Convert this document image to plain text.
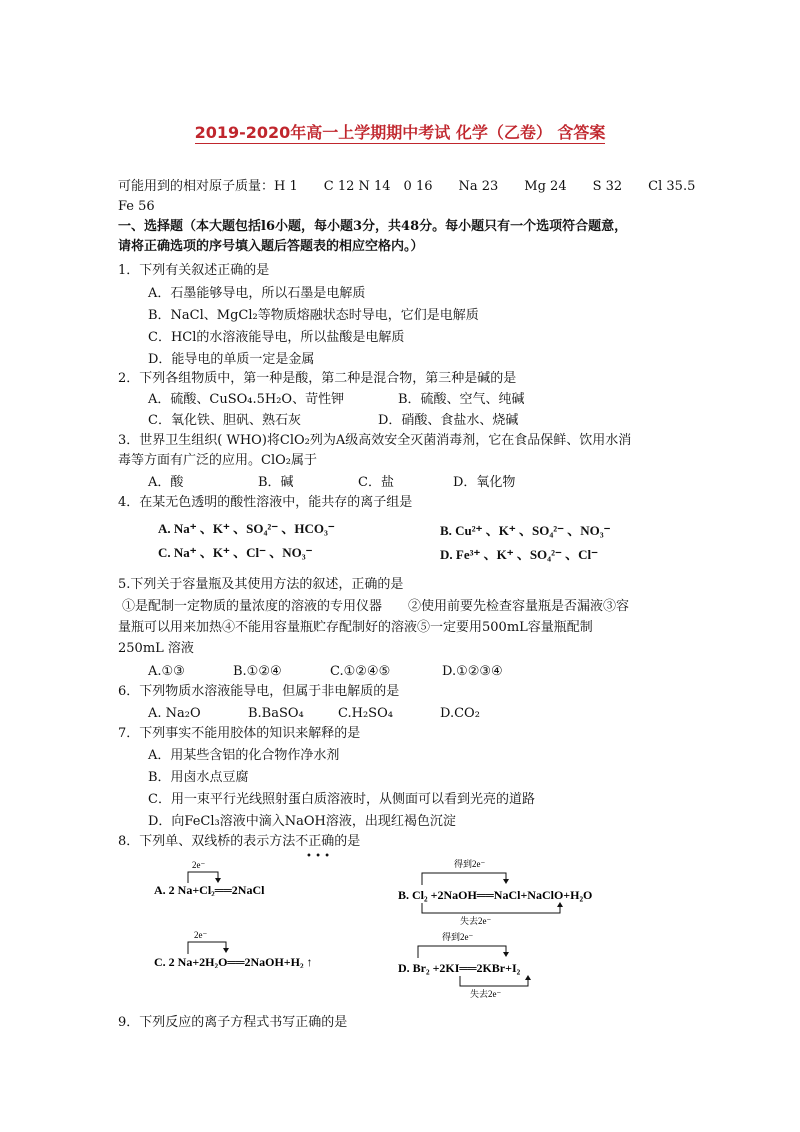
2019-2020年高一上学期期中考试 化学（乙卷） 含答案
可能用到的相对原子质量：H 1　　C 12 N 14　0 16　　Na 23　　Mg 24　　S 32　　Cl 35.5
Fe 56
一、选择题（本大题包括l6小题，每小题3分，共48分。每小题只有一个选项符合题意，
请将正确选项的序号填入题后答题表的相应空格内。）
1．下列有关叙述正确的是
A．石墨能够导电，所以石墨是电解质
B．NaCl、MgCl₂等物质熔融状态时导电，它们是电解质
C．HCl的水溶液能导电，所以盐酸是电解质
D．能导电的单质一定是金属
2．下列各组物质中，第一种是酸，第二种是混合物，第三种是碱的是
A．硫酸、CuSO₄.5H₂O、苛性钾	B．硫酸、空气、纯碱
C．氧化铁、胆矾、熟石灰	D．硝酸、食盐水、烧碱
3．世界卫生组织( WHO)将ClO₂列为A级高效安全灭菌消毒剂，它在食品保鲜、饮用水消
毒等方面有广泛的应用。ClO₂属于
A．酸	B．碱	C．盐	D．氧化物
4．在某无色透明的酸性溶液中，能共存的离子组是
A. Na⁺ 、K⁺ 、SO₄²⁻ 、HCO₃⁻	B. Cu²⁺ 、K⁺ 、SO₄²⁻ 、NO₃⁻
C. Na⁺ 、K⁺ 、Cl⁻ 、NO₃⁻	D. Fe³⁺ 、K⁺ 、SO₄²⁻ 、Cl⁻
5.下列关于容量瓶及其使用方法的叙述，正确的是
①是配制一定物质的量浓度的溶液的专用仪器　　②使用前要先检查容量瓶是否漏液③容
量瓶可以用来加热④不能用容量瓶贮存配制好的溶液⑤一定要用500mL容量瓶配制
250mL 溶液
A.①③	B.①②④	C.①②④⑤	D.①②③④
6．下列物质水溶液能导电，但属于非电解质的是
A. Na₂O	B.BaSO₄	C.H₂SO₄	D.CO₂
7．下列事实不能用胶体的知识来解释的是
A．用某些含铝的化合物作净水剂
B．用卤水点豆腐
C．用一束平行光线照射蛋白质溶液时，从侧面可以看到光亮的道路
D．向FeCl₃溶液中滴入NaOH溶液，出现红褐色沉淀
8．下列单、双线桥的表示方法不正确的是
• • •
2e⁻
A. 2 Na+Cl₂══2NaCl
得到2e⁻
B. Cl₂ +2NaOH══NaCl+NaClO+H₂O
失去2e⁻
2e⁻
C. 2 Na+2H₂O══2NaOH+H₂ ↑
得到2e⁻
D. Br₂ +2KI══2KBr+I₂
失去2e⁻
9．下列反应的离子方程式书写正确的是
